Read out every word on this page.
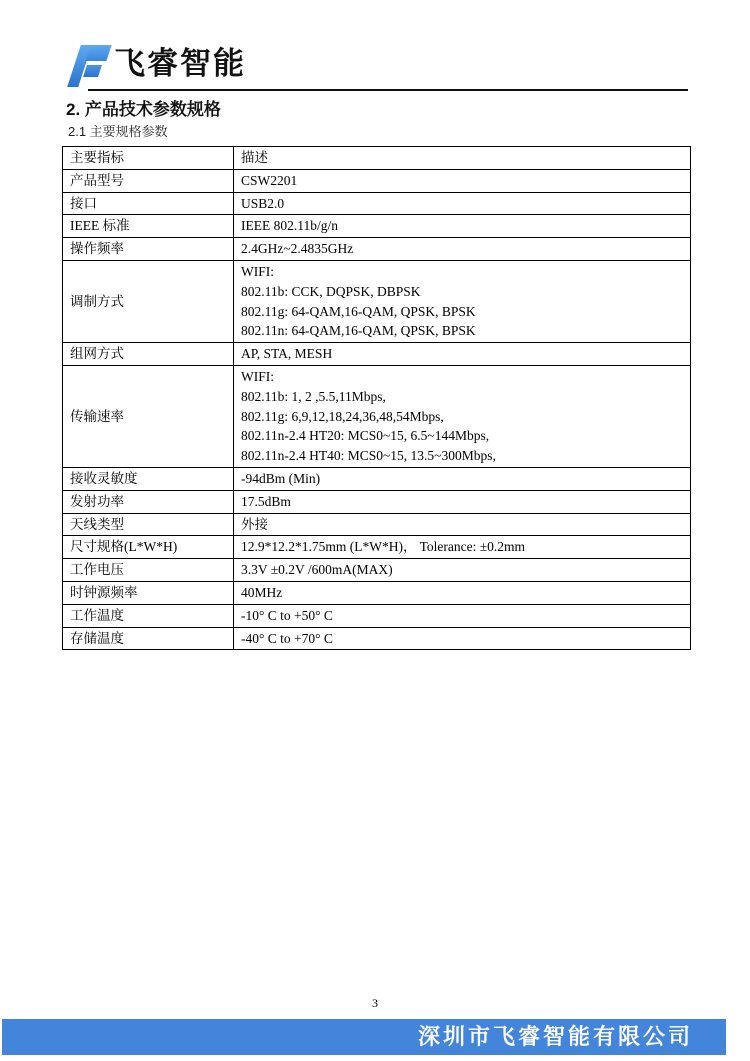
飞睿智能
2. 产品技术参数规格
2.1 主要规格参数
主要指标	描述

产品型号	CSW2201

接口	USB2.0

IEEE 标准	IEEE 802.11b/g/n

操作频率	2.4GHz~2.4835GHz

调制方式	WIFI:
802.11b: CCK, DQPSK, DBPSK
802.11g: 64-QAM,16-QAM, QPSK, BPSK
802.11n: 64-QAM,16-QAM, QPSK, BPSK

组网方式	AP, STA, MESH

传输速率	WIFI:
802.11b: 1, 2 ,5.5,11Mbps,
802.11g: 6,9,12,18,24,36,48,54Mbps,
802.11n-2.4 HT20: MCS0~15, 6.5~144Mbps,
802.11n-2.4 HT40: MCS0~15, 13.5~300Mbps,

接收灵敏度	-94dBm (Min)

发射功率	17.5dBm

天线类型	外接

尺寸规格(L*W*H)	12.9*12.2*1.75mm (L*W*H)， Tolerance: ±0.2mm

工作电压	3.3V ±0.2V /600mA(MAX)

时钟源频率	40MHz

工作温度	-10° C to +50° C

存储温度	-40° C to +70° C
3
深圳市飞睿智能有限公司
